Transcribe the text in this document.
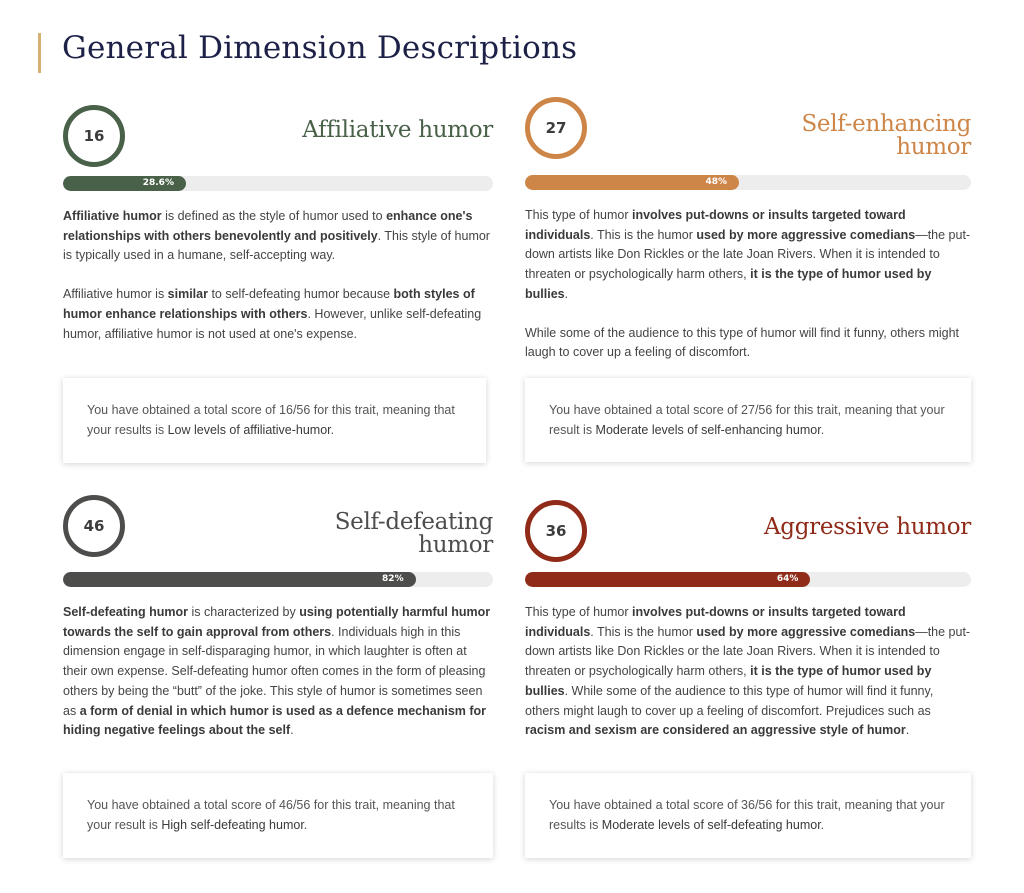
General Dimension Descriptions
16	Affiliative humor
28.6%

Affiliative humor is defined as the style of humor used to enhance one's relationships with others benevolently and positively. This style of humor is typically used in a humane, self-accepting way.

Affiliative humor is similar to self-defeating humor because both styles of humor enhance relationships with others. However, unlike self-defeating humor, affiliative humor is not used at one's expense.

You have obtained a total score of 16/56 for this trait, meaning that your results is Low levels of affiliative-humor.

27	Self-enhancing
humor
48%

This type of humor involves put-downs or insults targeted toward individuals. This is the humor used by more aggressive comedians—the put-down artists like Don Rickles or the late Joan Rivers. When it is intended to threaten or psychologically harm others, it is the type of humor used by bullies.

While some of the audience to this type of humor will find it funny, others might laugh to cover up a feeling of discomfort.

You have obtained a total score of 27/56 for this trait, meaning that your result is Moderate levels of self-enhancing humor.

46	Self-defeating
humor
82%

Self-defeating humor is characterized by using potentially harmful humor towards the self to gain approval from others. Individuals high in this dimension engage in self-disparaging humor, in which laughter is often at their own expense. Self-defeating humor often comes in the form of pleasing others by being the “butt” of the joke. This style of humor is sometimes seen as a form of denial in which humor is used as a defence mechanism for hiding negative feelings about the self.

You have obtained a total score of 46/56 for this trait, meaning that your result is High self-defeating humor.

36	Aggressive humor
64%

This type of humor involves put-downs or insults targeted toward individuals. This is the humor used by more aggressive comedians—the put-down artists like Don Rickles or the late Joan Rivers. When it is intended to threaten or psychologically harm others, it is the type of humor used by bullies. While some of the audience to this type of humor will find it funny, others might laugh to cover up a feeling of discomfort. Prejudices such as racism and sexism are considered an aggressive style of humor.

You have obtained a total score of 36/56 for this trait, meaning that your results is Moderate levels of self-defeating humor.
